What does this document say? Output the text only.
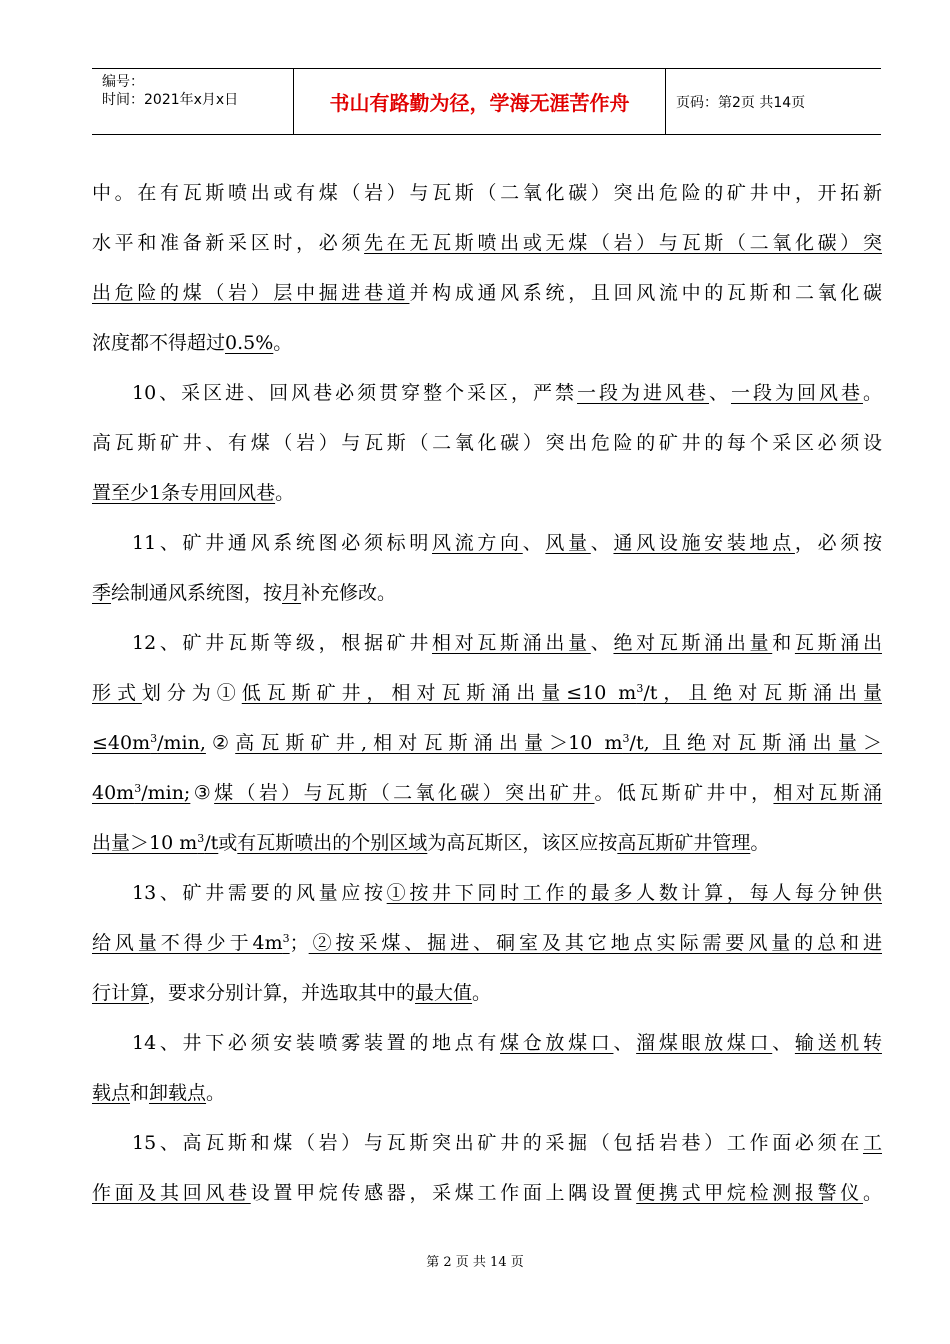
编号：
时间：2021年x月x日	书山有路勤为径，学海无涯苦作舟	页码：第2页 共14页
中。在有瓦斯喷出或有煤（岩）与瓦斯（二氧化碳）突出危险的矿井中，开拓新
水平和准备新采区时，必须先在无瓦斯喷出或无煤（岩）与瓦斯（二氧化碳）突
出危险的煤（岩）层中掘进巷道并构成通风系统，且回风流中的瓦斯和二氧化碳
浓度都不得超过0.5%。
10、采区进、回风巷必须贯穿整个采区，严禁一段为进风巷、一段为回风巷。
高瓦斯矿井、有煤（岩）与瓦斯（二氧化碳）突出危险的矿井的每个采区必须设
置至少1条专用回风巷。
11、矿井通风系统图必须标明风流方向、风量、通风设施安装地点，必须按
季绘制通风系统图，按月补充修改。
12、矿井瓦斯等级，根据矿井相对瓦斯涌出量、绝对瓦斯涌出量和瓦斯涌出
形式划分为①低瓦斯矿井，相对瓦斯涌出量≤10 $m^3/t$，且绝对瓦斯涌出量
$\le 40m^3/\min,②$高瓦斯矿井,相对瓦斯涌出量＞10 $m^3/t$, 且绝对瓦斯涌出量＞
$40m^3/\min;③$煤（岩）与瓦斯（二氧化碳）突出矿井。低瓦斯矿井中，相对瓦斯涌
出量＞10 $m^3/t$或有瓦斯喷出的个别区域为高瓦斯区，该区应按高瓦斯矿井管理。
13、矿井需要的风量应按①按井下同时工作的最多人数计算，每人每分钟供
给风量不得少于$4m^3$；②按采煤、掘进、硐室及其它地点实际需要风量的总和进
行计算，要求分别计算，并选取其中的最大值。
14、井下必须安装喷雾装置的地点有煤仓放煤口、溜煤眼放煤口、输送机转
载点和卸载点。
15、高瓦斯和煤（岩）与瓦斯突出矿井的采掘（包括岩巷）工作面必须在工
作面及其回风巷设置甲烷传感器，采煤工作面上隅设置便携式甲烷检测报警仪。
第 2 页 共 14 页
